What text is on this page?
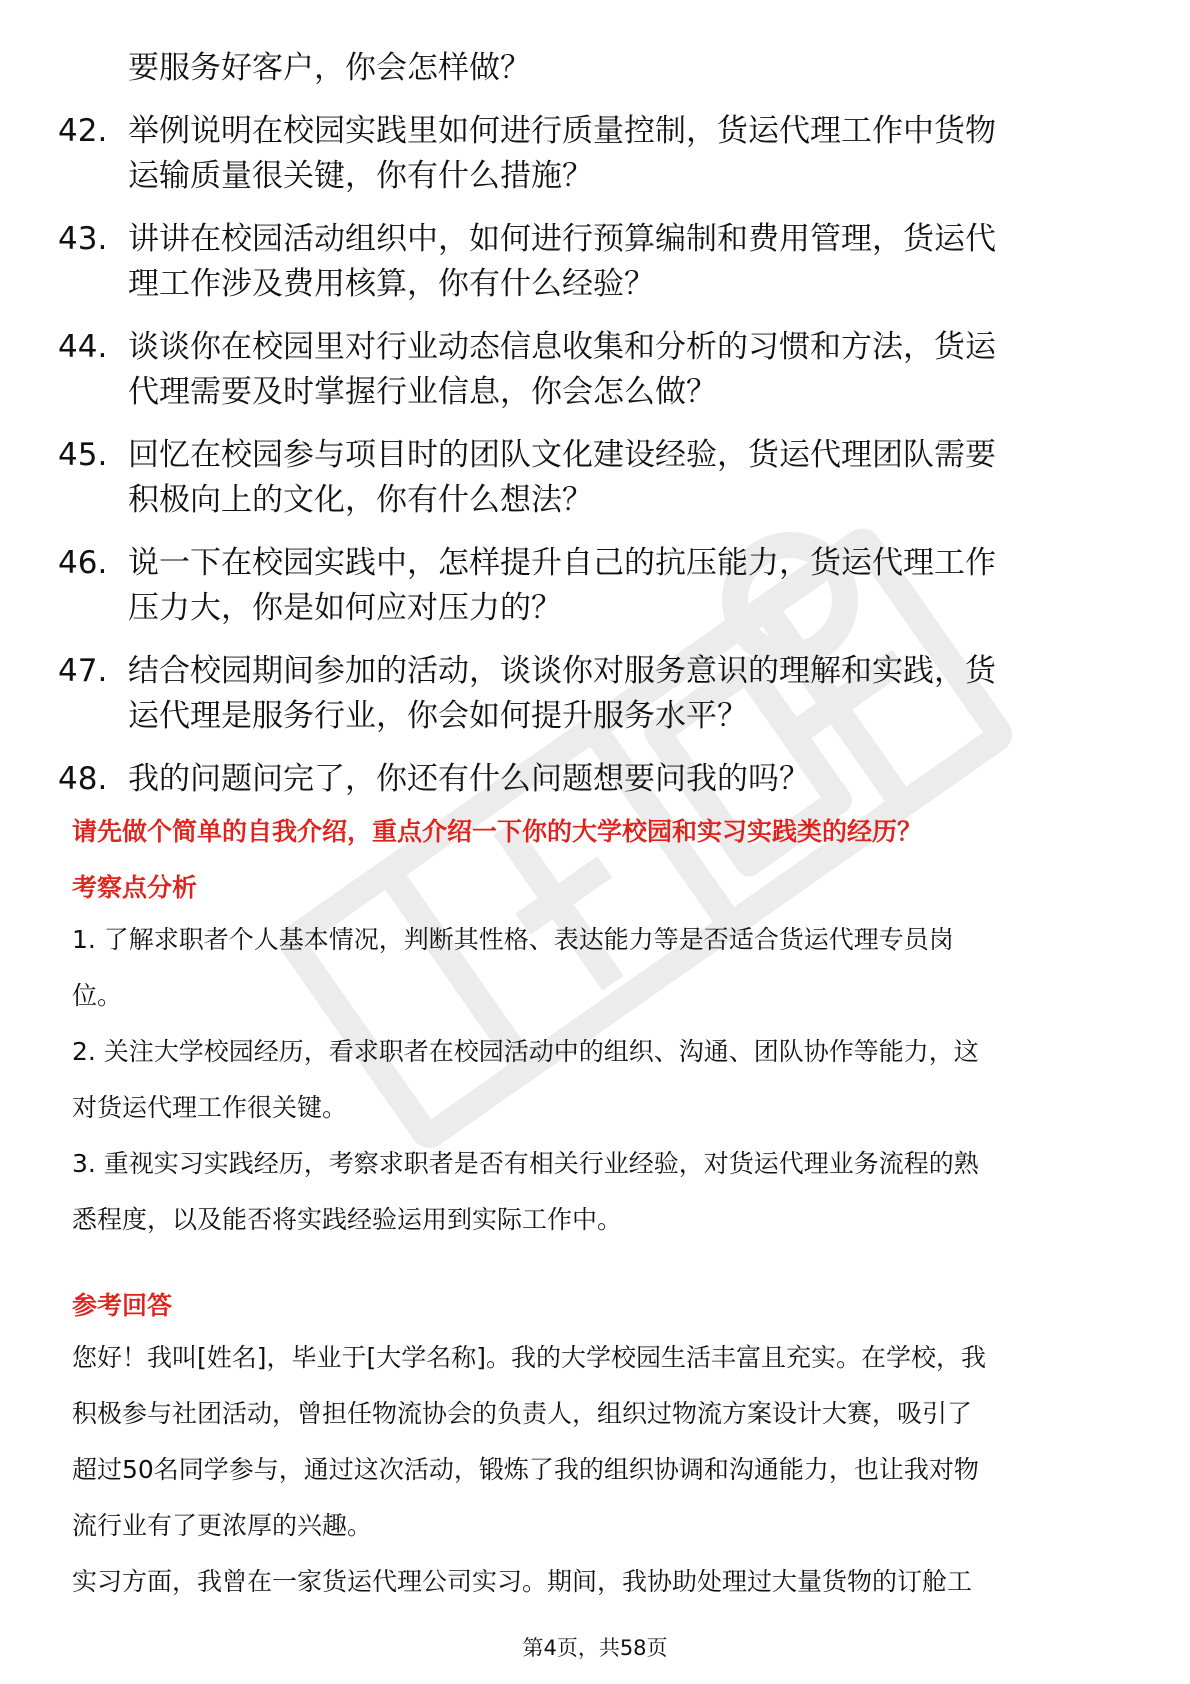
要服务好客户，你会怎样做？
42. 举例说明在校园实践里如何进行质量控制，货运代理工作中货物
运输质量很关键，你有什么措施？
43. 讲讲在校园活动组织中，如何进行预算编制和费用管理，货运代
理工作涉及费用核算，你有什么经验？
44. 谈谈你在校园里对行业动态信息收集和分析的习惯和方法，货运
代理需要及时掌握行业信息，你会怎么做？
45. 回忆在校园参与项目时的团队文化建设经验，货运代理团队需要
积极向上的文化，你有什么想法？
46. 说一下在校园实践中，怎样提升自己的抗压能力，货运代理工作
压力大，你是如何应对压力的？
47. 结合校园期间参加的活动，谈谈你对服务意识的理解和实践，货
运代理是服务行业，你会如何提升服务水平？
48. 我的问题问完了，你还有什么问题想要问我的吗？
请先做个简单的自我介绍，重点介绍一下你的大学校园和实习实践类的经历？
考察点分析
1. 了解求职者个人基本情况，判断其性格、表达能力等是否适合货运代理专员岗
位。
2. 关注大学校园经历，看求职者在校园活动中的组织、沟通、团队协作等能力，这
对货运代理工作很关键。
3. 重视实习实践经历，考察求职者是否有相关行业经验，对货运代理业务流程的熟
悉程度，以及能否将实践经验运用到实际工作中。
参考回答
您好！我叫[姓名]，毕业于[大学名称]。我的大学校园生活丰富且充实。在学校，我
积极参与社团活动，曾担任物流协会的负责人，组织过物流方案设计大赛，吸引了
超过50名同学参与，通过这次活动，锻炼了我的组织协调和沟通能力，也让我对物
流行业有了更浓厚的兴趣。
实习方面，我曾在一家货运代理公司实习。期间，我协助处理过大量货物的订舱工
第4页，共58页
